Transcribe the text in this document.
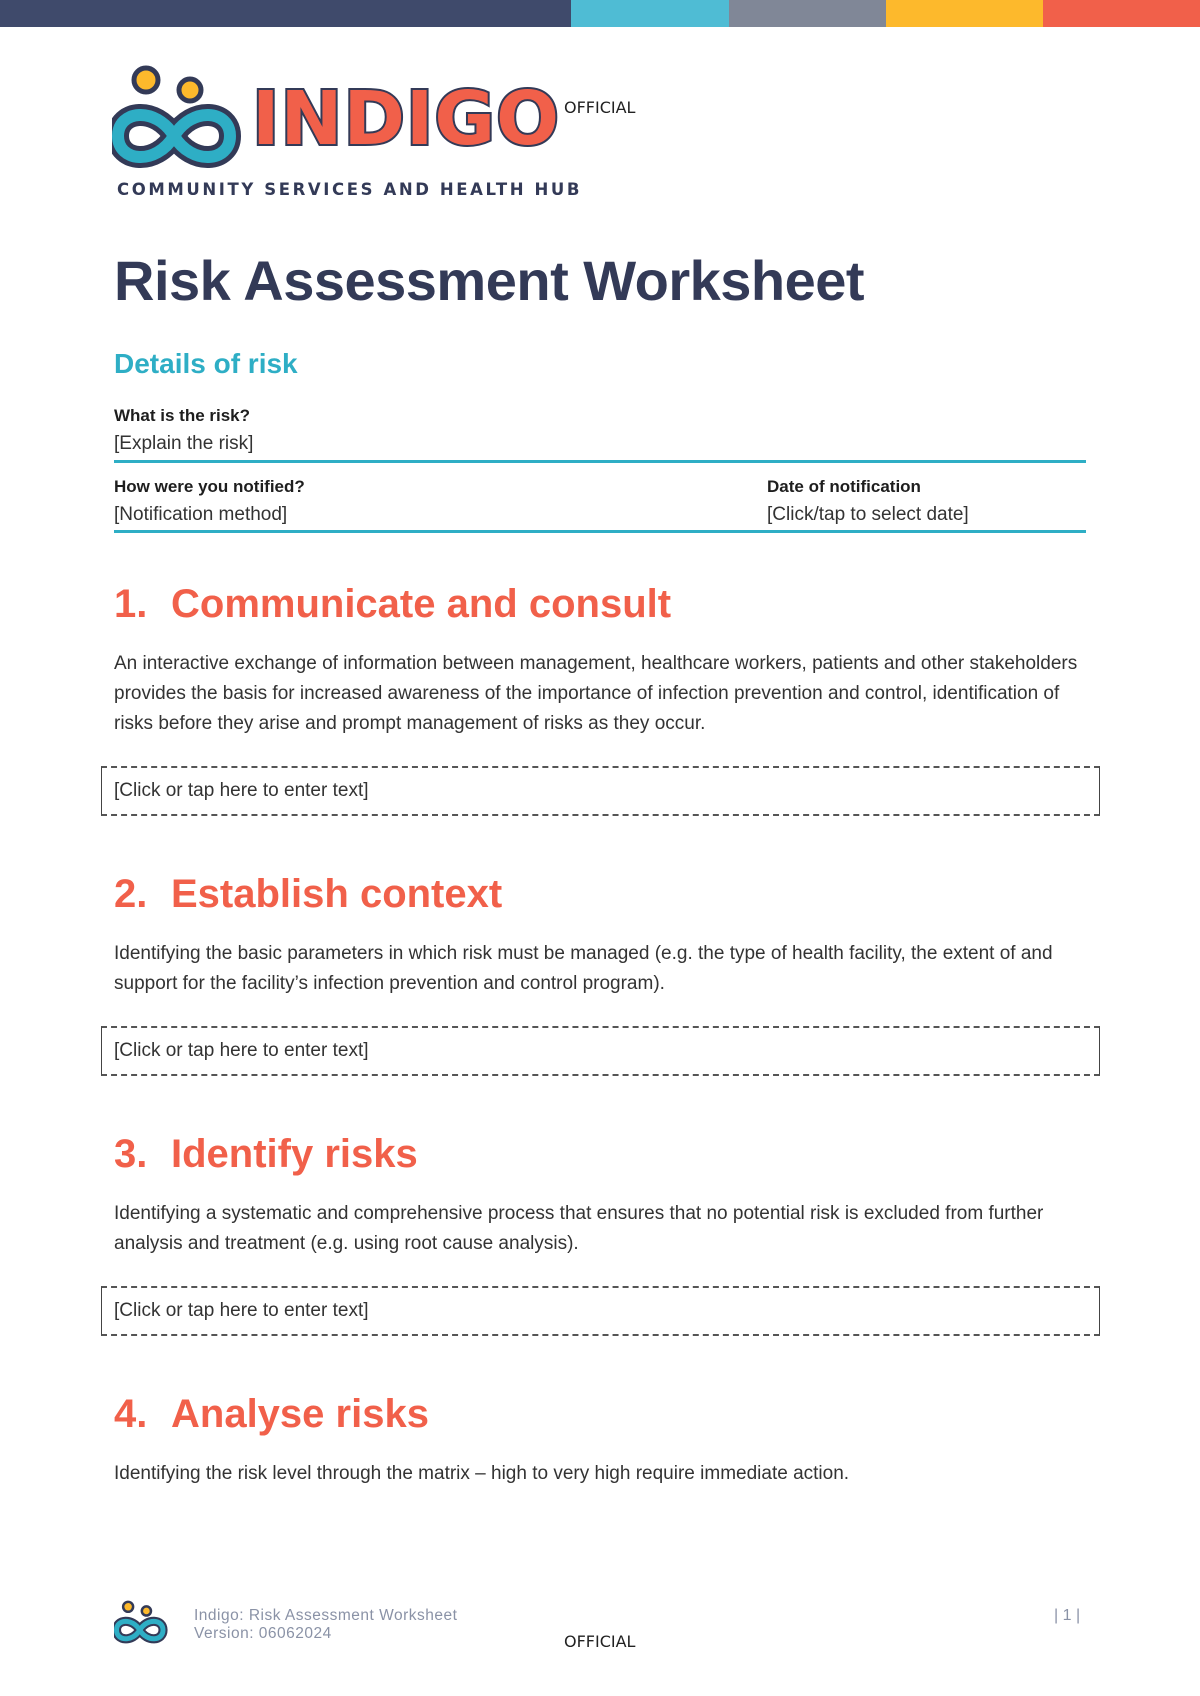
INDIGO
COMMUNITY SERVICES AND HEALTH HUB
OFFICIAL
Risk Assessment Worksheet
Details of risk
What is the risk?
[Explain the risk]
How were you notified?
[Notification method]
Date of notification
[Click/tap to select date]
1. Communicate and consult

An interactive exchange of information between management, healthcare workers, patients and other stakeholders provides the basis for increased awareness of the importance of infection prevention and control, identification of risks before they arise and prompt management of risks as they occur.

[Click or tap here to enter text]
2. Establish context

Identifying the basic parameters in which risk must be managed (e.g. the type of health facility, the extent of and support for the facility’s infection prevention and control program).

[Click or tap here to enter text]
3. Identify risks

Identifying a systematic and comprehensive process that ensures that no potential risk is excluded from further analysis and treatment (e.g. using root cause analysis).

[Click or tap here to enter text]
4. Analyse risks

Identifying the risk level through the matrix – high to very high require immediate action.

Indigo: Risk Assessment Worksheet
Version: 06062024
| 1 |
OFFICIAL
